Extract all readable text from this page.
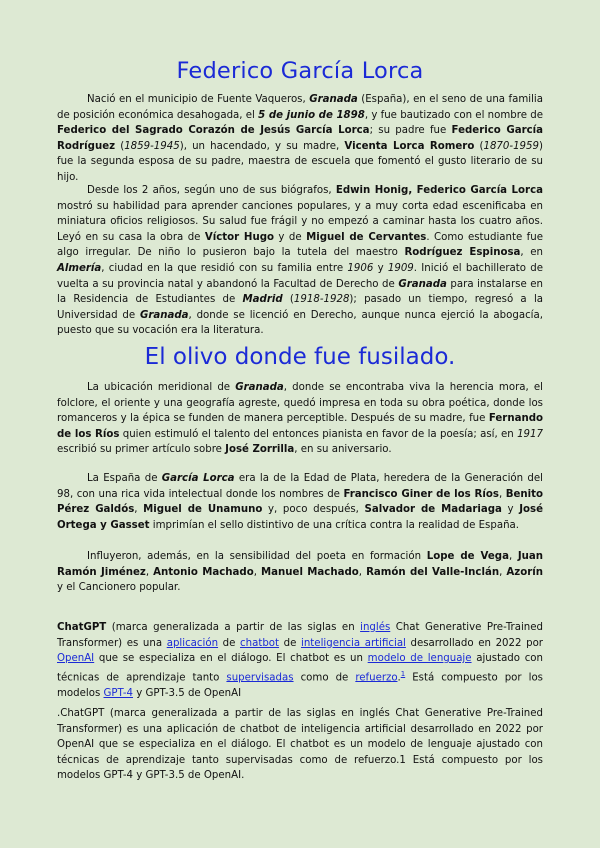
Federico García Lorca

Nació en el municipio de Fuente Vaqueros, Granada (España), en el seno de una familia de posición económica desahogada, el 5 de junio de 1898, y fue bautizado con el nombre de Federico del Sagrado Corazón de Jesús García Lorca; su padre fue Federico García Rodríguez (1859-1945), un hacendado, y su madre, Vicenta Lorca Romero (1870-1959) fue la segunda esposa de su padre, maestra de escuela que fomentó el gusto literario de su hijo.

Desde los 2 años, según uno de sus biógrafos, Edwin Honig, Federico García Lorca mostró su habilidad para aprender canciones populares, y a muy corta edad escenificaba en miniatura oficios religiosos. Su salud fue frágil y no empezó a caminar hasta los cuatro años. Leyó en su casa la obra de Víctor Hugo y de Miguel de Cervantes. Como estudiante fue algo irregular. De niño lo pusieron bajo la tutela del maestro Rodríguez Espinosa, en Almería, ciudad en la que residió con su familia entre 1906 y 1909. Inició el bachillerato de vuelta a su provincia natal y abandonó la Facultad de Derecho de Granada para instalarse en la Residencia de Estudiantes de Madrid (1918-1928); pasado un tiempo, regresó a la Universidad de Granada, donde se licenció en Derecho, aunque nunca ejerció la abogacía, puesto que su vocación era la literatura.

El olivo donde fue fusilado.

La ubicación meridional de Granada, donde se encontraba viva la herencia mora, el folclore, el oriente y una geografía agreste, quedó impresa en toda su obra poética, donde los romanceros y la épica se funden de manera perceptible. Después de su madre, fue Fernando de los Ríos quien estimuló el talento del entonces pianista en favor de la poesía; así, en 1917 escribió su primer artículo sobre José Zorrilla, en su aniversario.

La España de García Lorca era la de la Edad de Plata, heredera de la Generación del 98, con una rica vida intelectual donde los nombres de Francisco Giner de los Ríos, Benito Pérez Galdós, Miguel de Unamuno y, poco después, Salvador de Madariaga y José Ortega y Gasset imprimían el sello distintivo de una crítica contra la realidad de España.

Influyeron, además, en la sensibilidad del poeta en formación Lope de Vega, Juan Ramón Jiménez, Antonio Machado, Manuel Machado, Ramón del Valle-Inclán, Azorín y el Cancionero popular.

ChatGPT (marca generalizada a partir de las siglas en inglés Chat Generative Pre-Trained Transformer) es una aplicación de chatbot de inteligencia artificial desarrollado en 2022 por OpenAI que se especializa en el diálogo. El chatbot es un modelo de lenguaje ajustado con técnicas de aprendizaje tanto supervisadas como de refuerzo.$^1$ Está compuesto por los modelos GPT-4 y GPT-3.5 de OpenAI

.ChatGPT (marca generalizada a partir de las siglas en inglés Chat Generative Pre-Trained Transformer) es una aplicación de chatbot de inteligencia artificial desarrollado en 2022 por OpenAI que se especializa en el diálogo. El chatbot es un modelo de lenguaje ajustado con técnicas de aprendizaje tanto supervisadas como de refuerzo.1 Está compuesto por los modelos GPT-4 y GPT-3.5 de OpenAI.
